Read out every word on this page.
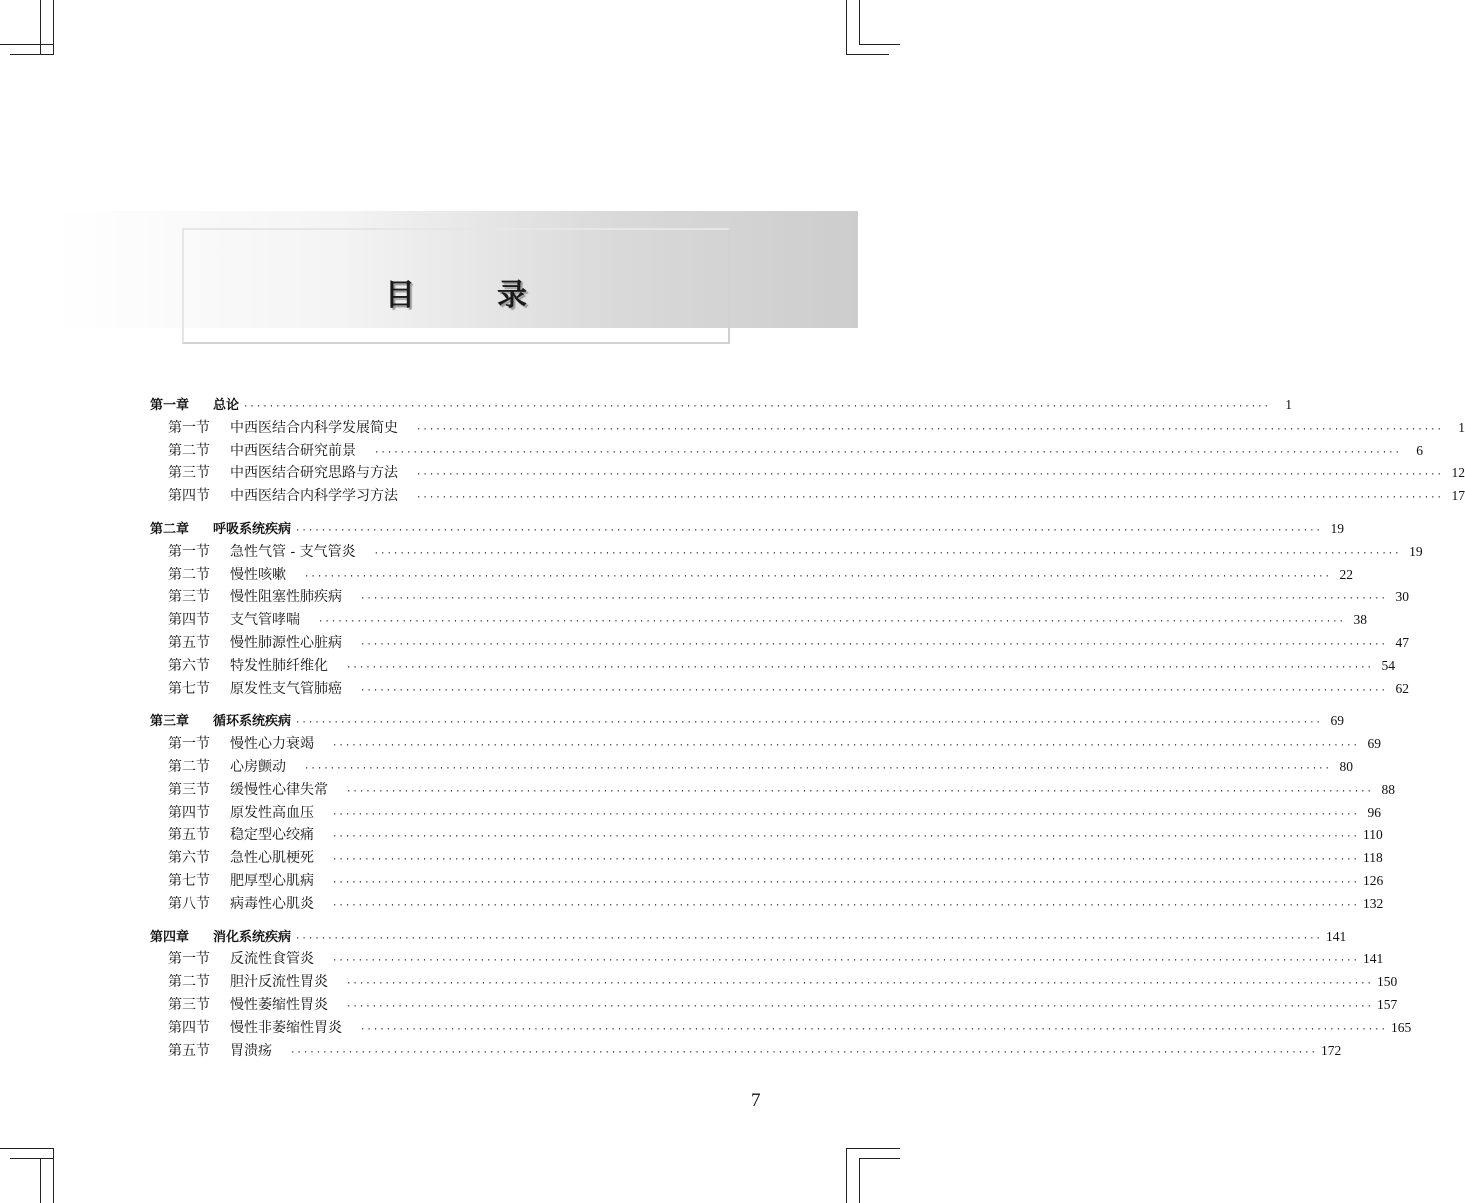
目录
第一章	总论 ································································································································································	1
第一节	中西医结合内科学发展简史	································································································································································	1
第二节	中西医结合研究前景	································································································································································	6
第三节	中西医结合研究思路与方法	································································································································································ 12
第四节	中西医结合内科学学习方法	································································································································································ 17
第二章	呼吸系统疾病 ································································································································································ 19
第一节	急性气管 - 支气管炎	································································································································································ 19
第二节	慢性咳嗽	································································································································································ 22
第三节	慢性阻塞性肺疾病	································································································································································ 30
第四节	支气管哮喘	································································································································································ 38
第五节	慢性肺源性心脏病	································································································································································ 47
第六节	特发性肺纤维化	································································································································································ 54
第七节	原发性支气管肺癌	································································································································································ 62
第三章	循环系统疾病 ································································································································································ 69
第一节	慢性心力衰竭	································································································································································ 69
第二节	心房颤动	································································································································································ 80
第三节	缓慢性心律失常	································································································································································ 88
第四节	原发性高血压	································································································································································ 96
第五节	稳定型心绞痛	································································································································································ 110
第六节	急性心肌梗死	································································································································································ 118
第七节	肥厚型心肌病	································································································································································ 126
第八节	病毒性心肌炎	································································································································································ 132
第四章	消化系统疾病 ································································································································································ 141
第一节	反流性食管炎	································································································································································ 141
第二节	胆汁反流性胃炎	································································································································································ 150
第三节	慢性萎缩性胃炎	································································································································································ 157
第四节	慢性非萎缩性胃炎	································································································································································ 165
第五节	胃溃疡	································································································································································ 172
7
